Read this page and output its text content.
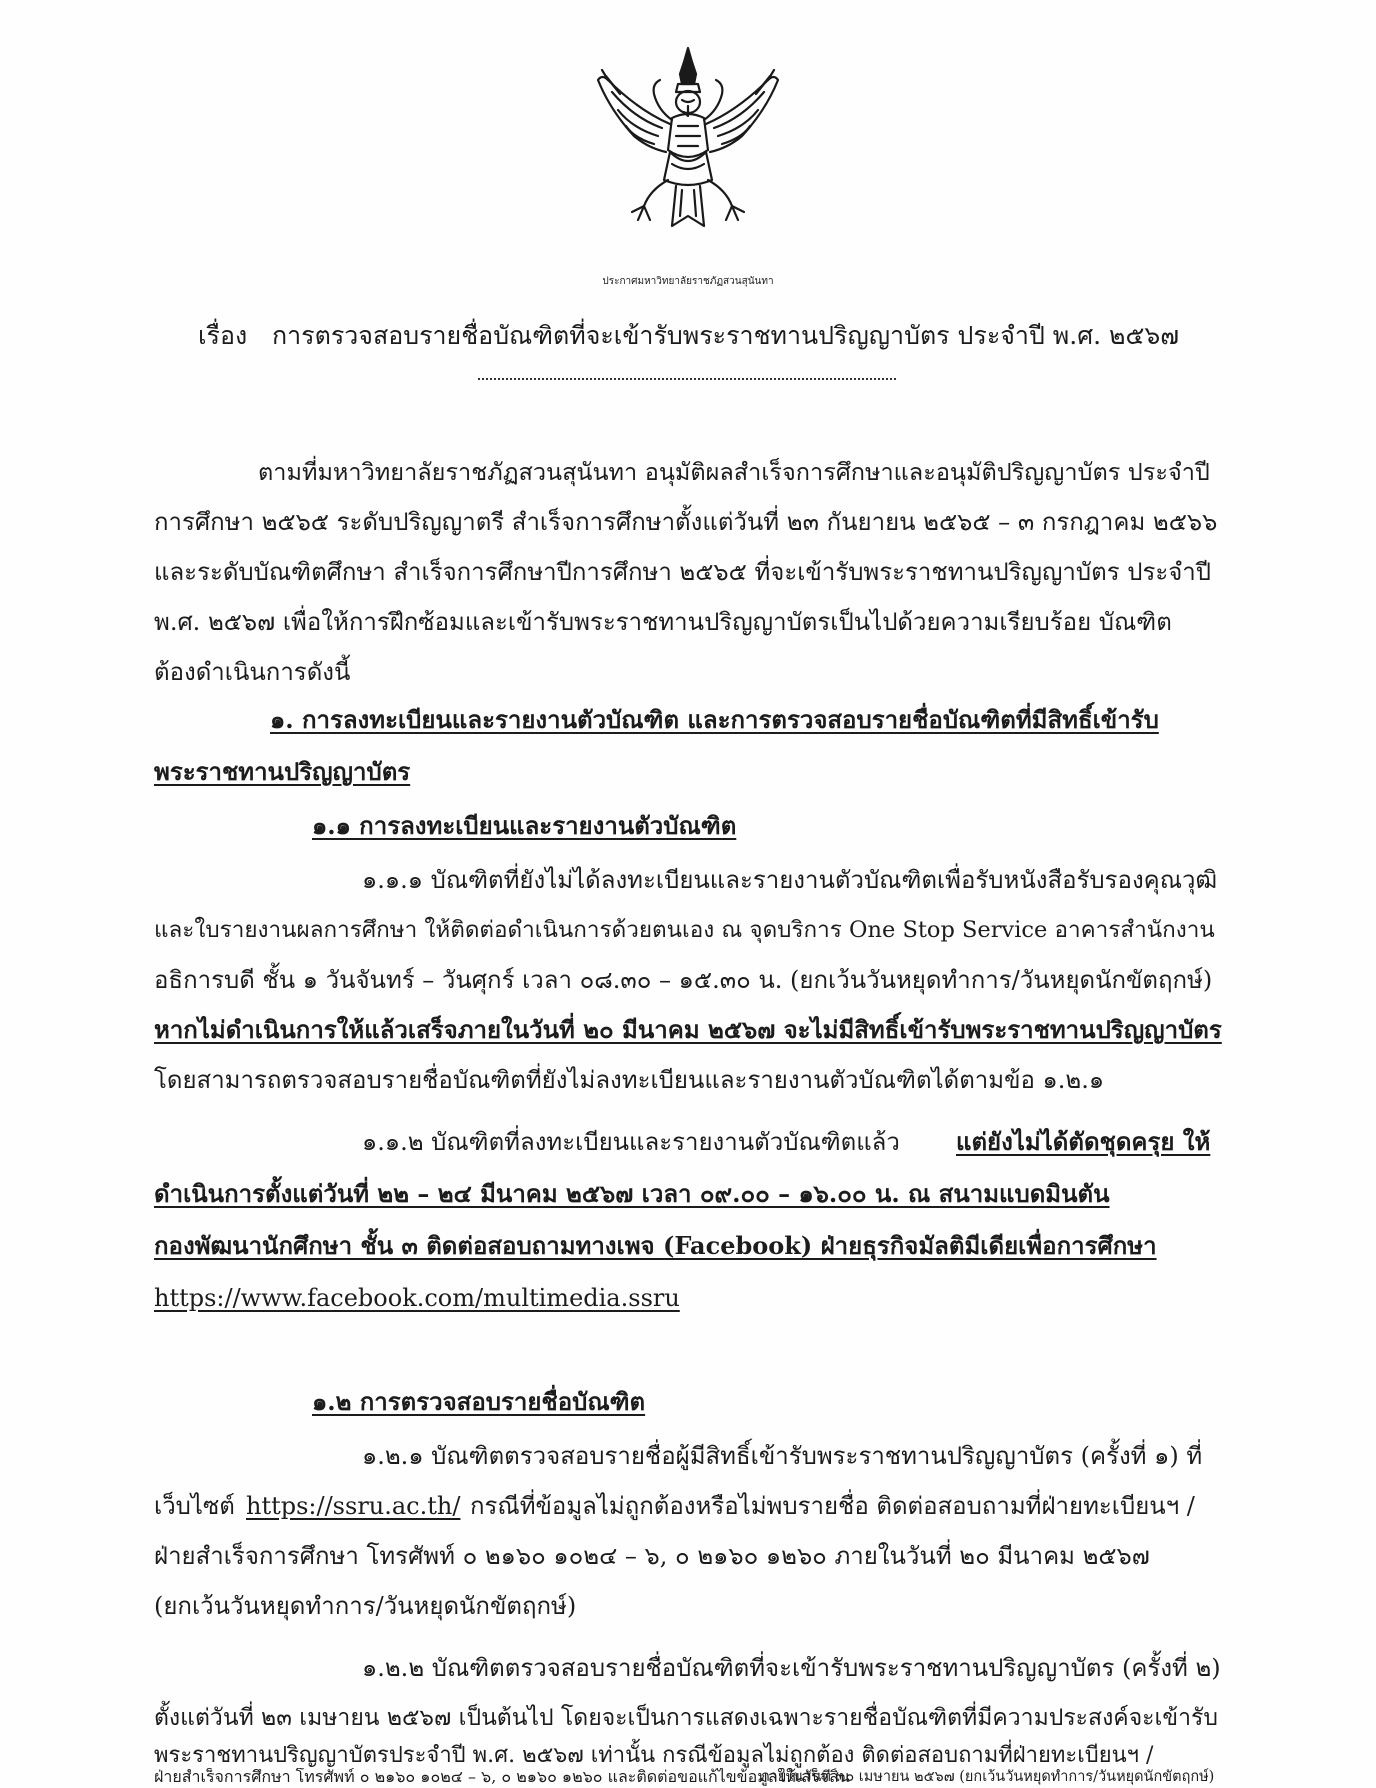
ประกาศมหาวิทยาลัยราชภัฏสวนสุนันทา
เรื่อง การตรวจสอบรายชื่อบัณฑิตที่จะเข้ารับพระราชทานปริญญาบัตร ประจำปี พ.ศ. ๒๕๖๗
ตามที่มหาวิทยาลัยราชภัฏสวนสุนันทา อนุมัติผลสำเร็จการศึกษาและอนุมัติปริญญาบัตร ประจำปี
การศึกษา ๒๕๖๕ ระดับปริญญาตรี สำเร็จการศึกษาตั้งแต่วันที่ ๒๓ กันยายน ๒๕๖๕ – ๓ กรกฎาคม ๒๕๖๖
และระดับบัณฑิตศึกษา สำเร็จการศึกษาปีการศึกษา ๒๕๖๕ ที่จะเข้ารับพระราชทานปริญญาบัตร ประจำปี
พ.ศ. ๒๕๖๗ เพื่อให้การฝึกซ้อมและเข้ารับพระราชทานปริญญาบัตรเป็นไปด้วยความเรียบร้อย บัณฑิต
ต้องดำเนินการดังนี้
๑. การลงทะเบียนและรายงานตัวบัณฑิต และการตรวจสอบรายชื่อบัณฑิตที่มีสิทธิ์เข้ารับ
พระราชทานปริญญาบัตร
๑.๑ การลงทะเบียนและรายงานตัวบัณฑิต
๑.๑.๑ บัณฑิตที่ยังไม่ได้ลงทะเบียนและรายงานตัวบัณฑิตเพื่อรับหนังสือรับรองคุณวุฒิ
และใบรายงานผลการศึกษา ให้ติดต่อดำเนินการด้วยตนเอง ณ จุดบริการ One Stop Service อาคารสำนักงาน
อธิการบดี ชั้น ๑ วันจันทร์ – วันศุกร์ เวลา ๐๘.๓๐ – ๑๕.๓๐ น. (ยกเว้นวันหยุดทำการ/วันหยุดนักขัตฤกษ์)
หากไม่ดำเนินการให้แล้วเสร็จภายในวันที่ ๒๐ มีนาคม ๒๕๖๗ จะไม่มีสิทธิ์เข้ารับพระราชทานปริญญาบัตร
โดยสามารถตรวจสอบรายชื่อบัณฑิตที่ยังไม่ลงทะเบียนและรายงานตัวบัณฑิตได้ตามข้อ ๑.๒.๑
๑.๑.๒ บัณฑิตที่ลงทะเบียนและรายงานตัวบัณฑิตแล้ว แต่ยังไม่ได้ตัดชุดครุย ให้
ดำเนินการตั้งแต่วันที่ ๒๒ – ๒๔ มีนาคม ๒๕๖๗ เวลา ๐๙.๐๐ – ๑๖.๐๐ น. ณ สนามแบดมินตัน
กองพัฒนานักศึกษา ชั้น ๓ ติดต่อสอบถามทางเพจ (Facebook) ฝ่ายธุรกิจมัลติมีเดียเพื่อการศึกษา
https://www.facebook.com/multimedia.ssru
๑.๒ การตรวจสอบรายชื่อบัณฑิต
๑.๒.๑ บัณฑิตตรวจสอบรายชื่อผู้มีสิทธิ์เข้ารับพระราชทานปริญญาบัตร (ครั้งที่ ๑) ที่
เว็บไซต์ https://ssru.ac.th/ กรณีที่ข้อมูลไม่ถูกต้องหรือไม่พบรายชื่อ ติดต่อสอบถามที่ฝ่ายทะเบียนฯ /
ฝ่ายสำเร็จการศึกษา โทรศัพท์ ๐ ๒๑๖๐ ๑๐๒๔ – ๖, ๐ ๒๑๖๐ ๑๒๖๐ ภายในวันที่ ๒๐ มีนาคม ๒๕๖๗
(ยกเว้นวันหยุดทำการ/วันหยุดนักขัตฤกษ์)
๑.๒.๒ บัณฑิตตรวจสอบรายชื่อบัณฑิตที่จะเข้ารับพระราชทานปริญญาบัตร (ครั้งที่ ๒)
ตั้งแต่วันที่ ๒๓ เมษายน ๒๕๖๗ เป็นต้นไป โดยจะเป็นการแสดงเฉพาะรายชื่อบัณฑิตที่มีความประสงค์จะเข้ารับ
พระราชทานปริญญาบัตรประจำปี พ.ศ. ๒๕๖๗ เท่านั้น กรณีข้อมูลไม่ถูกต้อง ติดต่อสอบถามที่ฝ่ายทะเบียนฯ /
ฝ่ายสำเร็จการศึกษา โทรศัพท์ ๐ ๒๑๖๐ ๑๐๒๔ – ๖, ๐ ๒๑๖๐ ๑๒๖๐ และติดต่อขอแก้ไขข้อมูลให้เสร็จสิ้น
ภายในวันที่ ๓๐ เมษายน ๒๕๖๗ (ยกเว้นวันหยุดทำการ/วันหยุดนักขัตฤกษ์)
